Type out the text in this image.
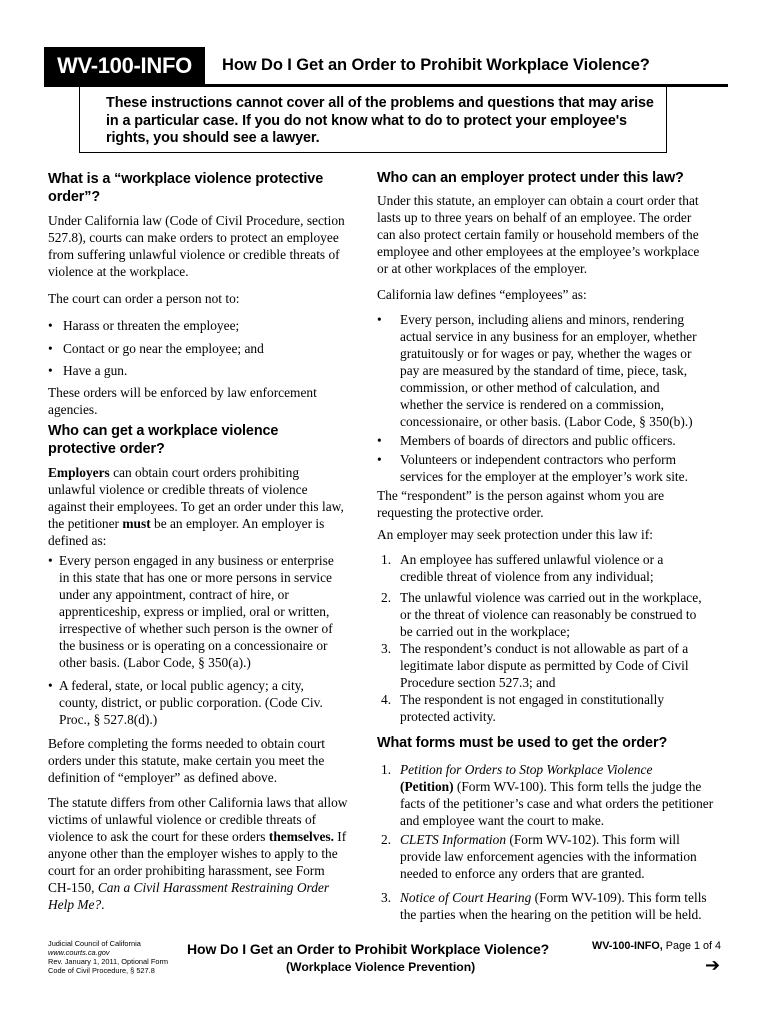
WV-100-INFO	How Do I Get an Order to Prohibit Workplace Violence?
These instructions cannot cover all of the problems and questions that may arise in a particular case. If you do not know what to do to protect your employee's rights, you should see a lawyer.
What is a “workplace violence protective
order”?
Under California law (Code of Civil Procedure, section
527.8), courts can make orders to protect an employee
from suffering unlawful violence or credible threats of
violence at the workplace.
The court can order a person not to:
• Harass or threaten the employee;
• Contact or go near the employee; and
• Have a gun.
These orders will be enforced by law enforcement
agencies.
Who can get a workplace violence
protective order?
Employers can obtain court orders prohibiting
unlawful violence or credible threats of violence
against their employees. To get an order under this law,
the petitioner must be an employer. An employer is
defined as:
• Every person engaged in any business or enterprise
in this state that has one or more persons in service
under any appointment, contract of hire, or
apprenticeship, express or implied, oral or written,
irrespective of whether such person is the owner of
the business or is operating on a concessionaire or
other basis. (Labor Code, § 350(a).)
• A federal, state, or local public agency; a city,
county, district, or public corporation. (Code Civ.
Proc., § 527.8(d).)
Before completing the forms needed to obtain court
orders under this statute, make certain you meet the
definition of “employer” as defined above.
The statute differs from other California laws that allow
victims of unlawful violence or credible threats of
violence to ask the court for these orders themselves. If
anyone other than the employer wishes to apply to the
court for an order prohibiting harassment, see Form
CH-150, Can a Civil Harassment Restraining Order
Help Me?.
Who can an employer protect under this law?
Under this statute, an employer can obtain a court order that
lasts up to three years on behalf of an employee. The order
can also protect certain family or household members of the
employee and other employees at the employee’s workplace
or at other workplaces of the employer.
California law defines “employees” as:
• Every person, including aliens and minors, rendering
actual service in any business for an employer, whether
gratuitously or for wages or pay, whether the wages or
pay are measured by the standard of time, piece, task,
commission, or other method of calculation, and
whether the service is rendered on a commission,
concessionaire, or other basis. (Labor Code, § 350(b).)
• Members of boards of directors and public officers.
• Volunteers or independent contractors who perform
services for the employer at the employer’s work site.
The “respondent” is the person against whom you are
requesting the protective order.
An employer may seek protection under this law if:
1. An employee has suffered unlawful violence or a
credible threat of violence from any individual;
2. The unlawful violence was carried out in the workplace,
or the threat of violence can reasonably be construed to
be carried out in the workplace;
3. The respondent’s conduct is not allowable as part of a
legitimate labor dispute as permitted by Code of Civil
Procedure section 527.3; and
4. The respondent is not engaged in constitutionally
protected activity.
What forms must be used to get the order?
1. Petition for Orders to Stop Workplace Violence
(Petition) (Form WV-100). This form tells the judge the
facts of the petitioner’s case and what orders the petitioner
and employee want the court to make.
2. CLETS Information (Form WV-102). This form will
provide law enforcement agencies with the information
needed to enforce any orders that are granted.
3. Notice of Court Hearing (Form WV-109). This form tells
the parties when the hearing on the petition will be held.
Judicial Council of California
www.courts.ca.gov
Rev. January 1, 2011, Optional Form
Code of Civil Procedure, § 527.8
How Do I Get an Order to Prohibit Workplace Violence?
(Workplace Violence Prevention)
WV-100-INFO, Page 1 of 4
➔
